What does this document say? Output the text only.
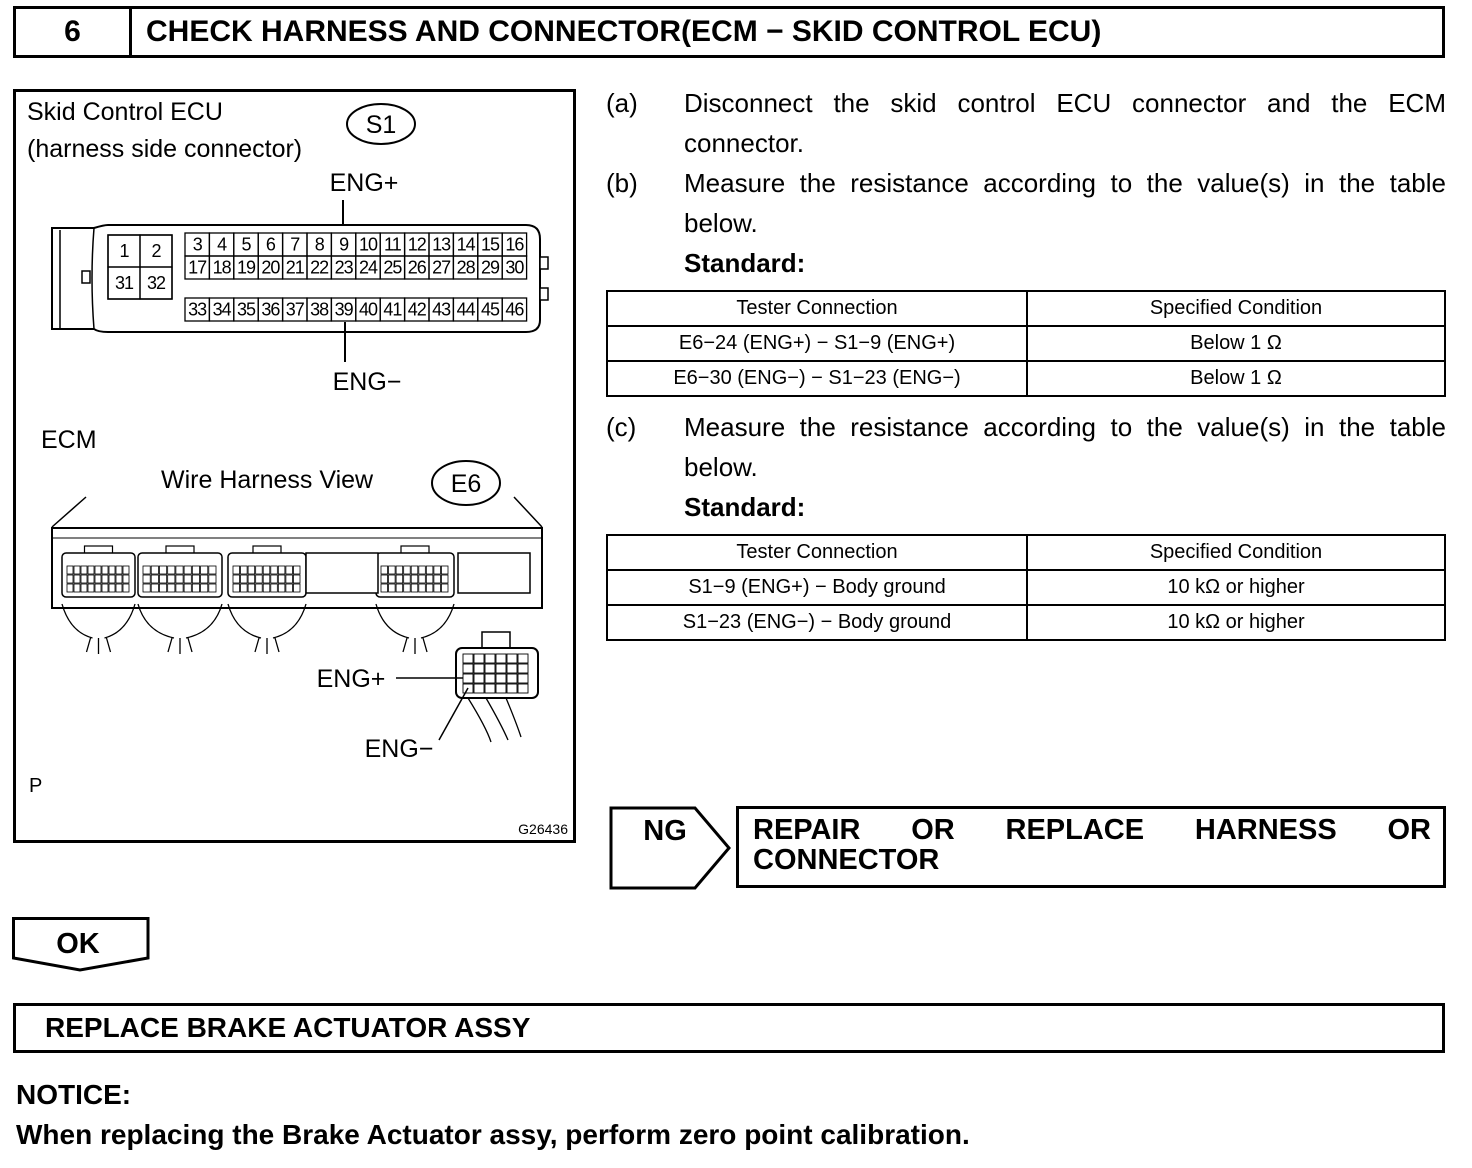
6	CHECK HARNESS AND CONNECTOR(ECM − SKID CONTROL ECU)
Skid Control ECU
(harness side connector)
S1
ENG+
1 2
31 32
3 4 5 6 7 8 9 10 11 12 13 14 15 16
17 18 19 20 21 22 23 24 25 26 27 28 29 30
33 34 35 36 37 38 39 40 41 42 43 44 45 46
ENG−
ECM
Wire Harness View	E6
ENG+
ENG−
P
G26436
(a)	Disconnect the skid control ECU connector and the ECM connector.
(b)	Measure the resistance according to the value(s) in the table below.
Standard:
Tester Connection	Specified Condition
E6−24 (ENG+) − S1−9 (ENG+)	Below 1 Ω
E6−30 (ENG−) − S1−23 (ENG−)	Below 1 Ω
(c)	Measure the resistance according to the value(s) in the table below.
Standard:
Tester Connection	Specified Condition
S1−9 (ENG+) − Body ground	10 kΩ or higher
S1−23 (ENG−) − Body ground	10 kΩ or higher
NG REPAIR OR REPLACE HARNESS OR
CONNECTOR
OK
REPLACE BRAKE ACTUATOR ASSY
NOTICE:
When replacing the Brake Actuator assy, perform zero point calibration.
